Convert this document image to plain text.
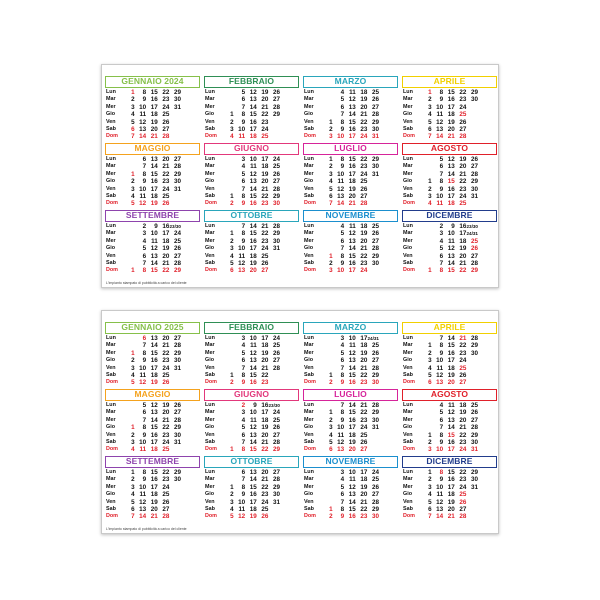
GENNAIO 2024
Lun	1	8 15 22 29
Mar	2	9 16 23 30
Mer	3 10 17 24 31
Gio	4 11 18 25
Ven	5 12 19 26
Sab	6 13 20 27
Dom	7 14 21 28
FEBBRAIO
Lun	5 12 19 26
Mar	6 13 20 27
Mer	7 14 21 28
Gio	1	8 15 22 29
Ven	2	9 16 23
Sab	3 10 17 24
Dom	4 11 18 25
MARZO
Lun	4 11 18 25
Mar	5 12 19 26
Mer	6 13 20 27
Gio	7 14 21 28
Ven	1	8 15 22 29
Sab	2	9 16 23 30
Dom	3 10 17 24 31
APRILE
Lun	1	8 15 22 29
Mar	2	9 16 23 30
Mer	3 10 17 24
Gio	4 11 18 25
Ven	5 12 19 26
Sab	6 13 20 27
Dom	7 14 21 28
MAGGIO
Lun	6 13 20 27
Mar	7 14 21 28
Mer	1	8 15 22 29
Gio	2	9 16 23 30
Ven	3 10 17 24 31
Sab	4 11 18 25
Dom	5 12 19 26
GIUGNO
Lun	3 10 17 24
Mar	4 11 18 25
Mer	5 12 19 26
Gio	6 13 20 27
Ven	7 14 21 28
Sab	1	8 15 22 29
Dom	2	9 16 23 30
LUGLIO
Lun	1	8 15 22 29
Mar	2	9 16 23 30
Mer	3 10 17 24 31
Gio	4 11 18 25
Ven	5 12 19 26
Sab	6 13 20 27
Dom	7 14 21 28
AGOSTO
Lun	5 12 19 26
Mar	6 13 20 27
Mer	7 14 21 28
Gio	1	8 15 22 29
Ven	2	9 16 23 30
Sab	3 10 17 24 31
Dom	4 11 18 25
SETTEMBRE
Lun	2	9 16 23/30
Mar	3 10 17 24
Mer	4 11 18 25
Gio	5 12 19 26
Ven	6 13 20 27
Sab	7 14 21 28
Dom	1	8 15 22 29
OTTOBRE
Lun	7 14 21 28
Mar	1	8 15 22 29
Mer	2	9 16 23 30
Gio	3 10 17 24 31
Ven	4 11 18 25
Sab	5 12 19 26
Dom	6 13 20 27
NOVEMBRE
Lun	4 11 18 25
Mar	5 12 19 26
Mer	6 13 20 27
Gio	7 14 21 28
Ven	1	8 15 22 29
Sab	2	9 16 23 30
Dom	3 10 17 24
DICEMBRE
Lun	2	9 16 23/30
Mar	3 10 17 24/31
Mer	4 11 18 25
Gio	5 12 19 26
Ven	6 13 20 27
Sab	7 14 21 28
Dom	1	8 15 22 29
L'impianto stampato di pubblicità a carico del cliente
GENNAIO 2025
Lun	6 13 20 27
Mar	7 14 21 28
Mer	1	8 15 22 29
Gio	2	9 16 23 30
Ven	3 10 17 24 31
Sab	4 11 18 25
Dom	5 12 19 26
FEBBRAIO
Lun	3 10 17 24
Mar	4 11 18 25
Mer	5 12 19 26
Gio	6 13 20 27
Ven	7 14 21 28
Sab	1	8 15 22
Dom	2	9 16 23
MARZO
Lun	3 10 17 24/31
Mar	4 11 18 25
Mer	5 12 19 26
Gio	6 13 20 27
Ven	7 14 21 28
Sab	1	8 15 22 29
Dom	2	9 16 23 30
APRILE
Lun	7 14 21 28
Mar	1	8 15 22 29
Mer	2	9 16 23 30
Gio	3 10 17 24
Ven	4 11 18 25
Sab	5 12 19 26
Dom	6 13 20 27
MAGGIO
Lun	5 12 19 26
Mar	6 13 20 27
Mer	7 14 21 28
Gio	1	8 15 22 29
Ven	2	9 16 23 30
Sab	3 10 17 24 31
Dom	4 11 18 25
GIUGNO
Lun	2	9 16 23/30
Mar	3 10 17 24
Mer	4 11 18 25
Gio	5 12 19 26
Ven	6 13 20 27
Sab	7 14 21 28
Dom	1	8 15 22 29
LUGLIO
Lun	7 14 21 28
Mar	1	8 15 22 29
Mer	2	9 16 23 30
Gio	3 10 17 24 31
Ven	4 11 18 25
Sab	5 12 19 26
Dom	6 13 20 27
AGOSTO
Lun	4 11 18 25
Mar	5 12 19 26
Mer	6 13 20 27
Gio	7 14 21 28
Ven	1	8 15 22 29
Sab	2	9 16 23 30
Dom	3 10 17 24 31
SETTEMBRE
Lun	1	8 15 22 29
Mar	2	9 16 23 30
Mer	3 10 17 24
Gio	4 11 18 25
Ven	5 12 19 26
Sab	6 13 20 27
Dom	7 14 21 28
OTTOBRE
Lun	6 13 20 27
Mar	7 14 21 28
Mer	1	8 15 22 29
Gio	2	9 16 23 30
Ven	3 10 17 24 31
Sab	4 11 18 25
Dom	5 12 19 26
NOVEMBRE
Lun	3 10 17 24
Mar	4 11 18 25
Mer	5 12 19 26
Gio	6 13 20 27
Ven	7 14 21 28
Sab	1	8 15 22 29
Dom	2	9 16 23 30
DICEMBRE
Lun	1	8 15 22 29
Mar	2	9 16 23 30
Mer	3 10 17 24 31
Gio	4 11 18 25
Ven	5 12 19 26
Sab	6 13 20 27
Dom	7 14 21 28
L'impianto stampato di pubblicità a carico del cliente
